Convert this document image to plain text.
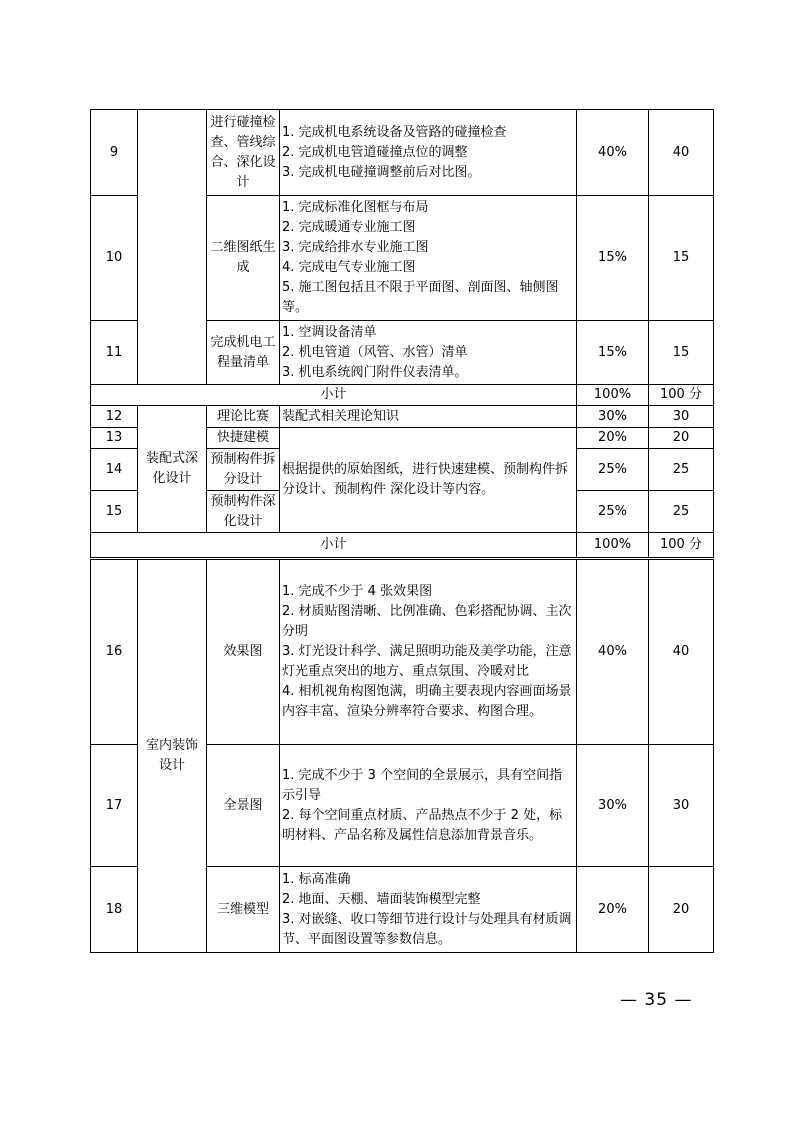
9		进行碰撞检查、管线综合、深化设计	1. 完成机电系统设备及管路的碰撞检查
2. 完成机电管道碰撞点位的调整
3. 完成机电碰撞调整前后对比图。	40%	40
10		二维图纸生成	1. 完成标准化图框与布局
2. 完成暖通专业施工图
3. 完成给排水专业施工图
4. 完成电气专业施工图
5. 施工图包括且不限于平面图、剖面图、轴侧图等。	15%	15
11		完成机电工程量清单	1. 空调设备清单
2. 机电管道（风管、水管）清单
3. 机电系统阀门附件仪表清单。	15%	15
小计				100%	100 分
12	装配式深化设计	理论比赛	装配式相关理论知识	30%	30
13		快捷建模	根据提供的原始图纸，进行快速建模、预制构件拆分设计、预制构件 深化设计等内容。	20%	20
14		预制构件拆分设计		25%	25
15		预制构件深化设计		25%	25
小计				100%	100 分
16	室内装饰设计	效果图	1. 完成不少于 4 张效果图
2. 材质贴图清晰、比例准确、色彩搭配协调、主次分明
3. 灯光设计科学、满足照明功能及美学功能，注意灯光重点突出的地方、重点氛围、冷暖对比
4. 相机视角构图饱满，明确主要表现内容画面场景内容丰富、渲染分辨率符合要求、构图合理。	40%	40
17		全景图	1. 完成不少于 3 个空间的全景展示，具有空间指示引导
2. 每个空间重点材质、产品热点不少于 2 处，标明材料、产品名称及属性信息添加背景音乐。	30%	30
18		三维模型	1. 标高准确
2. 地面、天棚、墙面装饰模型完整
3. 对嵌缝、收口等细节进行设计与处理具有材质调节、平面图设置等参数信息。	20%	20
— 35 —
